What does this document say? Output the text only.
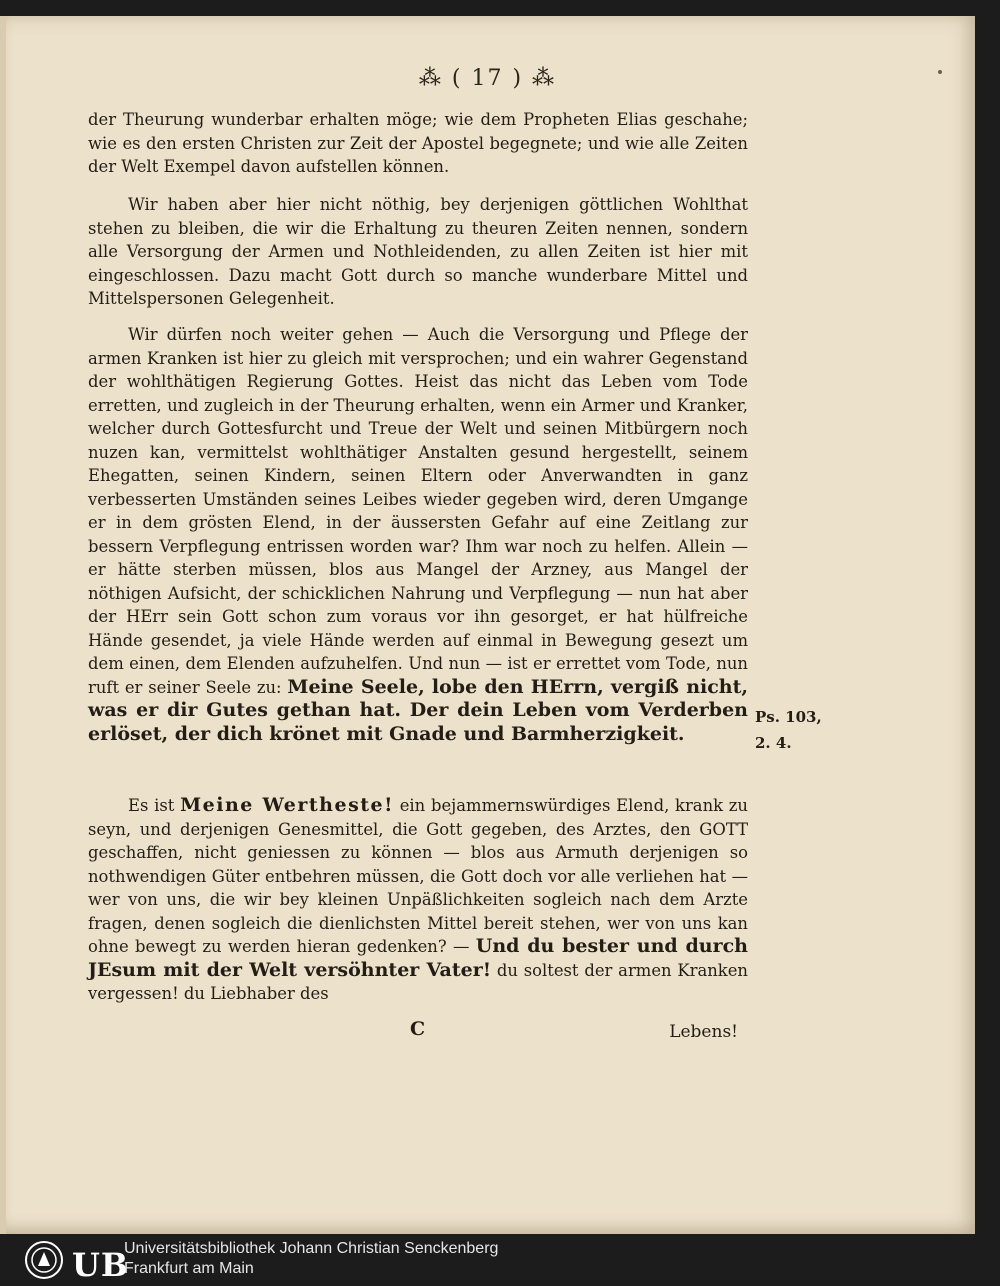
⁂ ( 17 ) ⁂

der Theurung wunderbar erhalten möge; wie dem Propheten Elias geschahe; wie es den ersten Christen zur Zeit der Apostel begegnete; und wie alle Zeiten der Welt Exempel davon aufstellen können.

Wir haben aber hier nicht nöthig, bey derjenigen göttlichen Wohlthat stehen zu bleiben, die wir die Erhaltung zu theuren Zeiten nennen, sondern alle Versorgung der Armen und Nothleidenden, zu allen Zeiten ist hier mit eingeschlossen. Dazu macht Gott durch so manche wunderbare Mittel und Mittelspersonen Gelegenheit.

Wir dürfen noch weiter gehen — Auch die Versorgung und Pflege der armen Kranken ist hier zu gleich mit versprochen; und ein wahrer Gegenstand der wohlthätigen Regierung Gottes. Heist das nicht das Leben vom Tode erretten, und zugleich in der Theurung erhalten, wenn ein Armer und Kranker, welcher durch Gottesfurcht und Treue der Welt und seinen Mitbürgern noch nuzen kan, vermittelst wohlthätiger Anstalten gesund hergestellt, seinem Ehegatten, seinen Kindern, seinen Eltern oder Anverwandten in ganz verbesserten Umständen seines Leibes wieder gegeben wird, deren Umgange er in dem grösten Elend, in der äussersten Gefahr auf eine Zeitlang zur bessern Verpflegung entrissen worden war? Ihm war noch zu helfen. Allein — er hätte sterben müssen, blos aus Mangel der Arzney, aus Mangel der nöthigen Aufsicht, der schicklichen Nahrung und Verpflegung — nun hat aber der HErr sein Gott schon zum voraus vor ihn gesorget, er hat hülfreiche Hände gesendet, ja viele Hände werden auf einmal in Bewegung gesezt um dem einen, dem Elenden aufzuhelfen. Und nun — ist er errettet vom Tode, nun ruft er seiner Seele zu: Meine Seele, lobe den HErrn, vergiß nicht, was er dir Gutes gethan hat. Der dein Leben vom Verderben erlöset, der dich krönet mit Gnade und Barmherzigkeit.

Ps. 103,
2. 4.

Es ist Meine Wertheste! ein bejammernswürdiges Elend, krank zu seyn, und derjenigen Genesmittel, die Gott gegeben, des Arztes, den GOTT geschaffen, nicht geniessen zu können — blos aus Armuth derjenigen so nothwendigen Güter entbehren müssen, die Gott doch vor alle verliehen hat — wer von uns, die wir bey kleinen Unpäßlichkeiten sogleich nach dem Arzte fragen, denen sogleich die dienlichsten Mittel bereit stehen, wer von uns kan ohne bewegt zu werden hieran gedenken? — Und du bester und durch JEsum mit der Welt versöhnter Vater! du soltest der armen Kranken vergessen! du Liebhaber des

C	Lebens!
UB
Universitätsbibliothek Johann Christian Senckenberg
Frankfurt am Main
